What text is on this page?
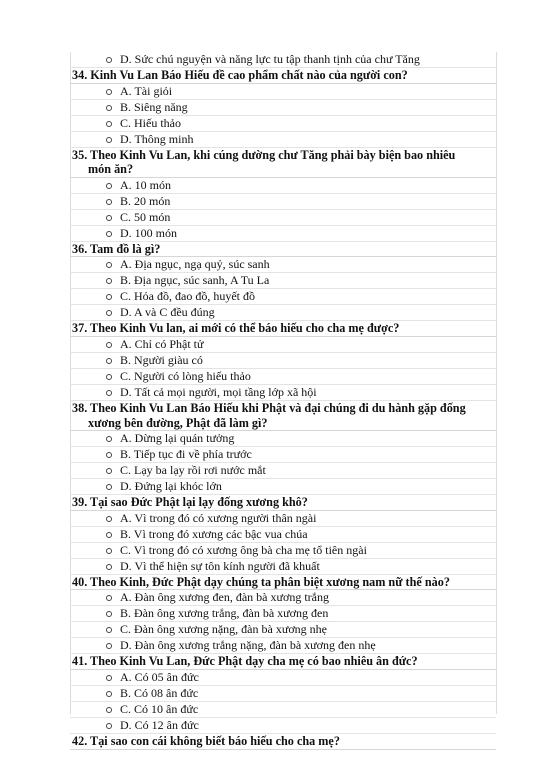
D. Sức chú nguyện và năng lực tu tập thanh tịnh của chư Tăng
34. Kinh Vu Lan Báo Hiếu đề cao phẩm chất nào của người con?
A. Tài giỏi
B. Siêng năng
C. Hiếu thảo
D. Thông minh
35. Theo Kinh Vu Lan, khi cúng dường chư Tăng phải bày biện bao nhiêu

món ăn?
A. 10 món
B. 20 món
C. 50 món
D. 100 món
36. Tam đồ là gì?
A. Địa ngục, ngạ quỷ, súc sanh
B. Địa ngục, súc sanh, A Tu La
C. Hỏa đồ, đao đồ, huyết đồ
D. A và C đều đúng
37. Theo Kinh Vu lan, ai mới có thể báo hiếu cho cha mẹ được?
A. Chỉ có Phật tử
B. Người giàu có
C. Người có lòng hiếu thảo
D. Tất cả mọi người, mọi tầng lớp xã hội
38. Theo Kinh Vu Lan Báo Hiếu khi Phật và đại chúng đi du hành gặp đống

xương bên đường, Phật đã làm gì?
A. Dừng lại quán tưởng
B. Tiếp tục đi về phía trước
C. Lạy ba lạy rồi rơi nước mắt
D. Đứng lại khóc lớn
39. Tại sao Đức Phật lại lạy đống xương khô?
A. Vì trong đó có xương người thân ngài
B. Vì trong đó xương các bậc vua chúa
C. Vì trong đó có xương ông bà cha mẹ tổ tiên ngài
D. Vì thể hiện sự tôn kính người đã khuất
40. Theo Kinh, Đức Phật dạy chúng ta phân biệt xương nam nữ thế nào?
A. Đàn ông xương đen, đàn bà xương trắng
B. Đàn ông xương trắng, đàn bà xương đen
C. Đàn ông xương nặng, đàn bà xương nhẹ
D. Đàn ông xương trắng nặng, đàn bà xương đen nhẹ
41. Theo Kinh Vu Lan, Đức Phật dạy cha mẹ có bao nhiêu ân đức?
A. Có 05 ân đức
B. Có 08 ân đức
C. Có 10 ân đức
D. Có 12 ân đức
42. Tại sao con cái không biết báo hiếu cho cha mẹ?
